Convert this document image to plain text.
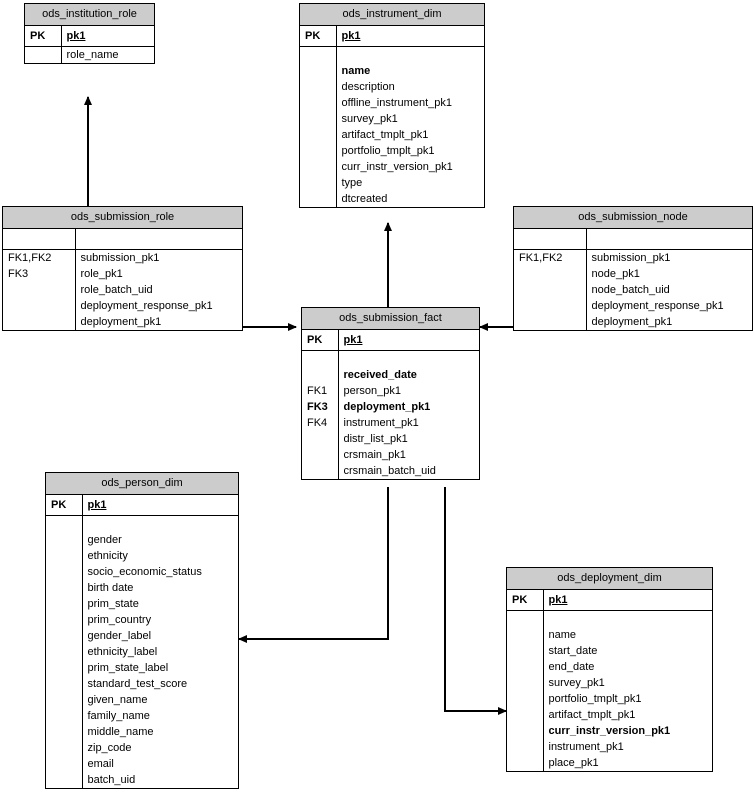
ods_institution_role
PK	pk1
	role_name
ods_instrument_dim
PK	pk1

	name
	description
	offline_instrument_pk1
	survey_pk1
	artifact_tmplt_pk1
	portfolio_tmplt_pk1
	curr_instr_version_pk1
	type
	dtcreated
ods_submission_role

FK1,FK2	submission_pk1
FK3	role_pk1
	role_batch_uid
	deployment_response_pk1
	deployment_pk1
ods_submission_node

FK1,FK2	submission_pk1
	node_pk1
	node_batch_uid
	deployment_response_pk1
	deployment_pk1
ods_submission_fact
PK	pk1

	received_date
FK1	person_pk1
FK3	deployment_pk1
FK4	instrument_pk1
	distr_list_pk1
	crsmain_pk1
	crsmain_batch_uid
ods_person_dim
PK	pk1

	gender
	ethnicity
	socio_economic_status
	birth date
	prim_state
	prim_country
	gender_label
	ethnicity_label
	prim_state_label
	standard_test_score
	given_name
	family_name
	middle_name
	zip_code
	email
	batch_uid
ods_deployment_dim
PK	pk1

	name
	start_date
	end_date
	survey_pk1
	portfolio_tmplt_pk1
	artifact_tmplt_pk1
	curr_instr_version_pk1
	instrument_pk1
	place_pk1
